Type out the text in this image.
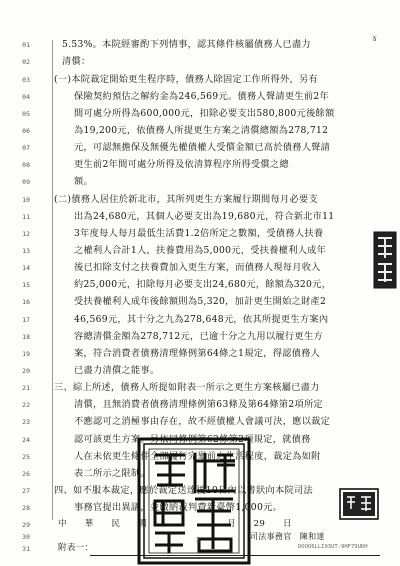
01
02
03
04
05
06
07
08
09
10
11
12
13
14
15
16
17
18
19
20
21
22
23
24
25
26
27
28
29
30
31
5.53%。本院經審酌下列情事，認其條件核屬債務人已盡力
清償：
(一)本院裁定開始更生程序時，債務人除固定工作所得外，另有
保險契約預估之解約金為246,569元。債務人聲請更生前2年
間可處分所得為600,000元，扣除必要支出580,800元後餘額
為19,200元，依債務人所提更生方案之清償總額為278,712
元，可認無擔保及無優先權債權人受償金額已高於債務人聲請
更生前2年間可處分所得及依清算程序所得受償之總
額。
(二)債務人居住於新北市，其所列更生方案履行期間每月必要支
出為24,680元，其個人必要支出為19,680元，符合新北市11
3年度每人每月最低生活費1.2倍所定之數額，受債務人扶養
之權利人合計1人，扶養費用為5,000元，受扶養權利人成年
後已扣除支付之扶養費加入更生方案，而債務人現每月收入
約25,000元，扣除每月必要支出24,680元，餘額為320元，
受扶養權利人成年後餘額則為5,320，加計更生開始之財產2
46,569元，其十分之九為278,648元，依其所提更生方案內
容總清償金額為278,712元，已逾十分之九用以履行更生方
案，符合消費者債務清理條例第64條之1規定，得認債務人
已盡力清償之能事。
三、綜上所述，債務人所提如附表一所示之更生方案核屬已盡力
清償，且無消費者債務清理條例第63條及第64條第2項所定
不應認可之消極事由存在，故不經債權人會議可決，應以裁定
認可該更生方案。另依同條例第62條第2項規定，就債務
人在未依更生條件全部履行完畢前之生活程度，裁定為如附
表二所示之限制。
四、如不服本裁定，應於裁定送達後10日內以書狀向本院司法
事務官提出異議，並繳納裁判費新臺幣1,000元。
中　　華　　民　　國　　　　　　　　　月　　29　　日
司法事務官　陳和達
附表一：
ɤ
2
DOOO6LLI93UT-9HF79UDH
